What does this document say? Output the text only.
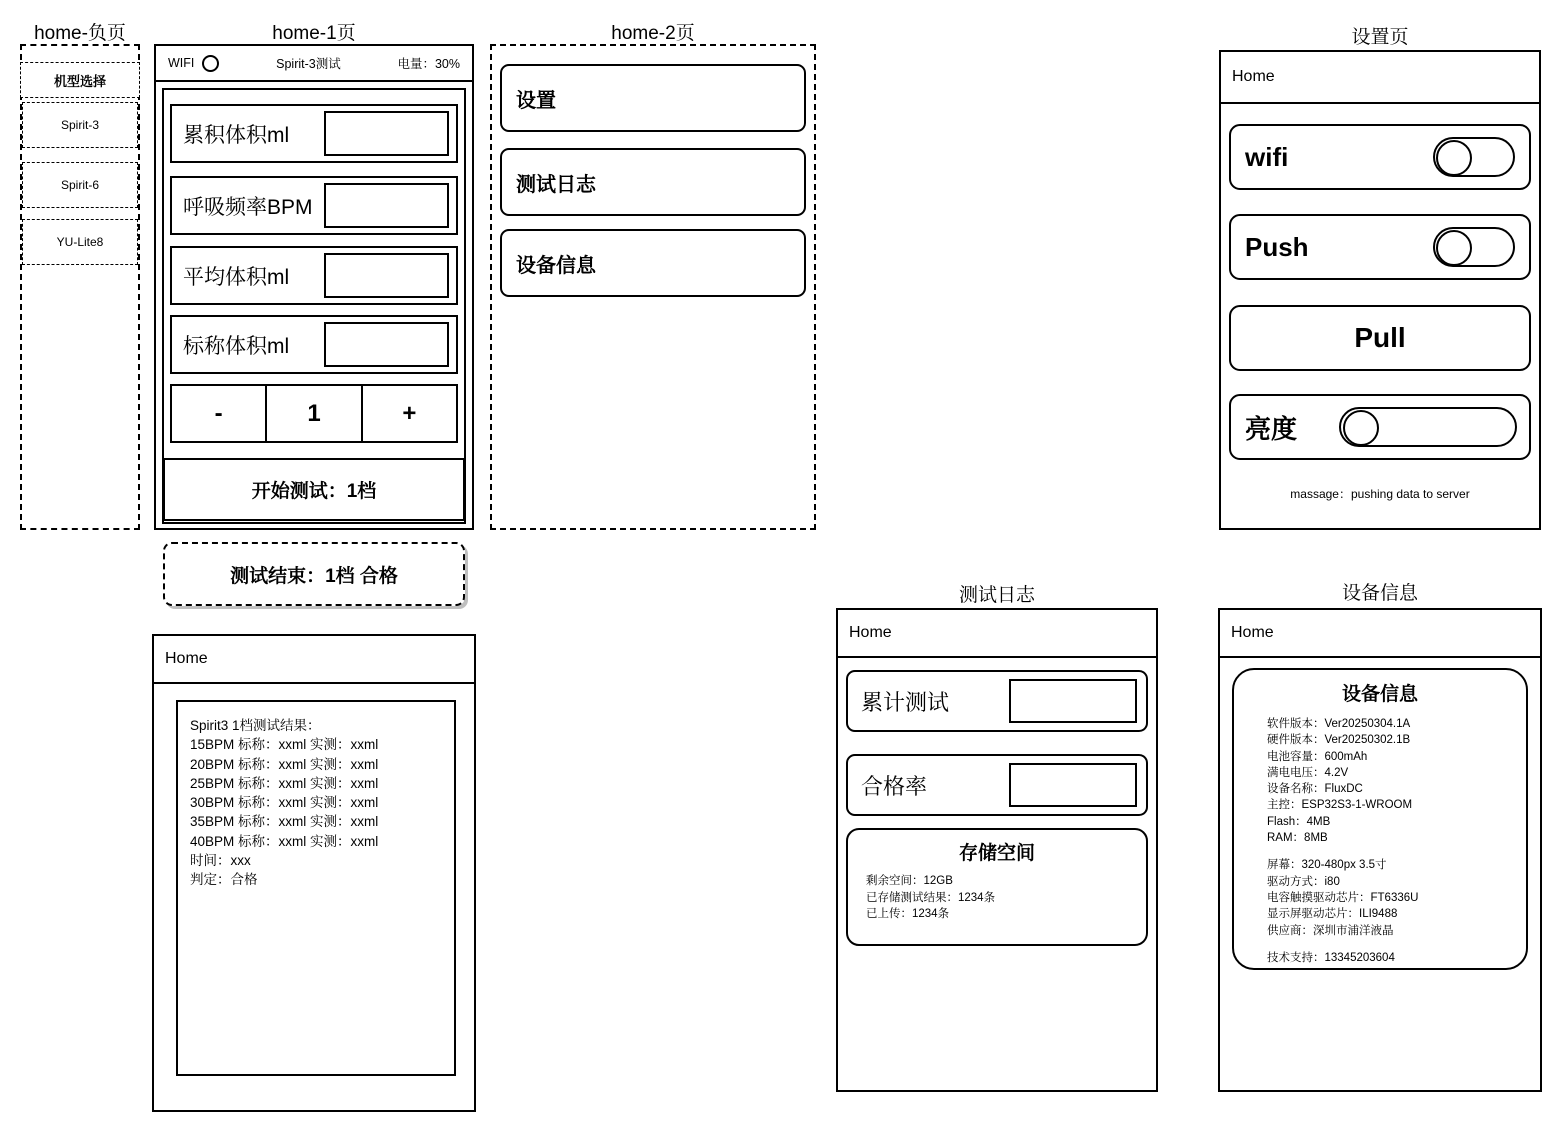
home-负页	home-1页	home-2页	设置页
测试日志	设备信息
机型选择
Spirit-3
Spirit-6
YU-Lite8
WIFI	Spirit-3测试	电量：30%
累积体积ml
呼吸频率BPM
平均体积ml
标称体积ml
-	1	+
开始测试：1档
测试结束：1档 合格
设置
测试日志
设备信息
Home
wifi
Push
Pull
亮度
massage：pushing data to server
Home
Spirit3 1档测试结果：
15BPM 标称：xxml 实测：xxml
20BPM 标称：xxml 实测：xxml
25BPM 标称：xxml 实测：xxml
30BPM 标称：xxml 实测：xxml
35BPM 标称：xxml 实测：xxml
40BPM 标称：xxml 实测：xxml
时间：xxx
判定：合格
Home
累计测试
合格率
存储空间
剩余空间：12GB
已存储测试结果：1234条
已上传：1234条
Home
设备信息
软件版本：Ver20250304.1A
硬件版本：Ver20250302.1B
电池容量：600mAh
满电电压：4.2V
设备名称：FluxDC
主控：ESP32S3-1-WROOM
Flash：4MB
RAM：8MB
屏幕：320-480px 3.5寸
驱动方式：i80
电容触摸驱动芯片：FT6336U
显示屏驱动芯片：ILI9488
供应商：深圳市浦洋液晶
技术支持：13345203604
